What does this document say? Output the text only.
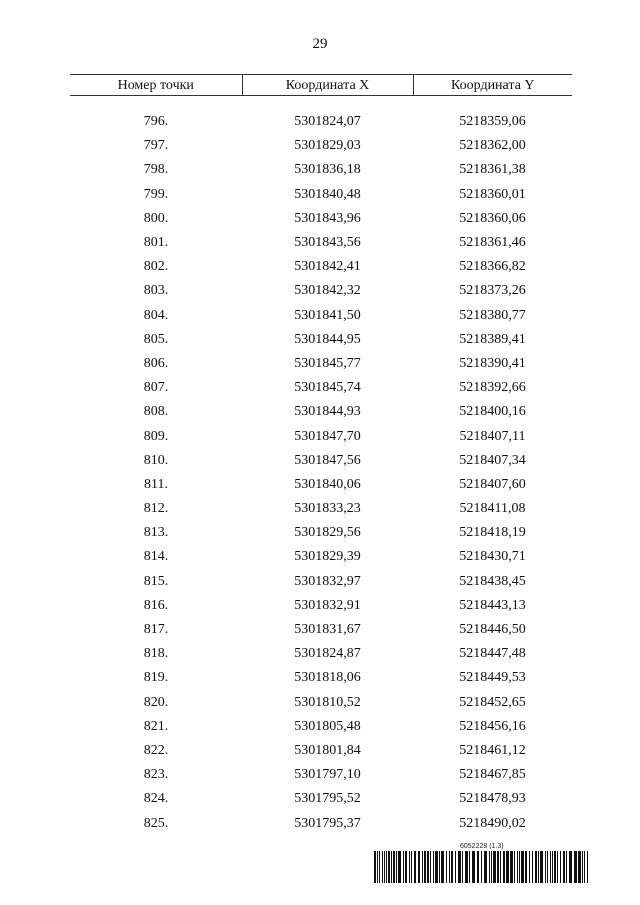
29
Номер точки	Координата X	Координата Y

796.	5301824,07	5218359,06
797.	5301829,03	5218362,00
798.	5301836,18	5218361,38
799.	5301840,48	5218360,01
800.	5301843,96	5218360,06
801.	5301843,56	5218361,46
802.	5301842,41	5218366,82
803.	5301842,32	5218373,26
804.	5301841,50	5218380,77
805.	5301844,95	5218389,41
806.	5301845,77	5218390,41
807.	5301845,74	5218392,66
808.	5301844,93	5218400,16
809.	5301847,70	5218407,11
810.	5301847,56	5218407,34
811.	5301840,06	5218407,60
812.	5301833,23	5218411,08
813.	5301829,56	5218418,19
814.	5301829,39	5218430,71
815.	5301832,97	5218438,45
816.	5301832,91	5218443,13
817.	5301831,67	5218446,50
818.	5301824,87	5218447,48
819.	5301818,06	5218449,53
820.	5301810,52	5218452,65
821.	5301805,48	5218456,16
822.	5301801,84	5218461,12
823.	5301797,10	5218467,85
824.	5301795,52	5218478,93
825.	5301795,37	5218490,02
6052228 (1.3)
